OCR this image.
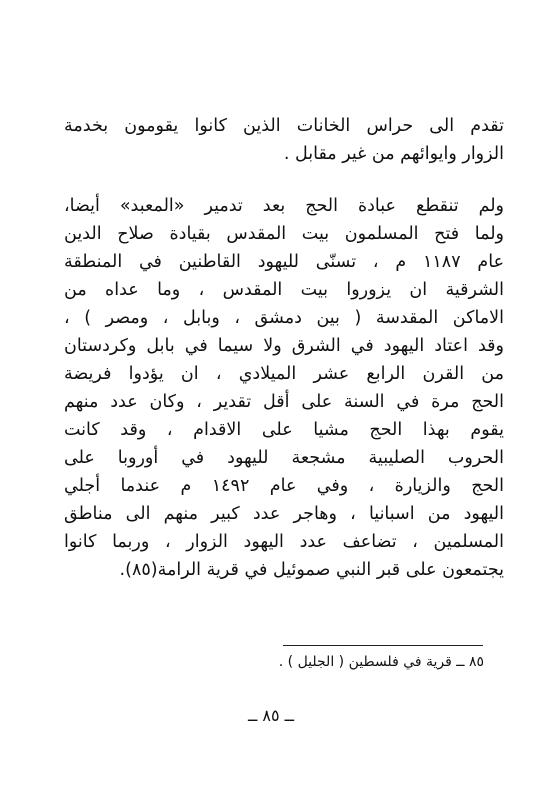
تقدم الى حراس الخانات الذين كانوا يقومون بخدمة
الزوار وايوائهم من غير مقابل .
ولم تنقطع عبادة الحج بعد تدمير «المعبد» أيضا،
ولما فتح المسلمون بيت المقدس بقيادة صلاح الدين
عام ١١٨٧ م ، تسنّى لليهود القاطنين في المنطقة
الشرقية ان يزوروا بيت المقدس ، وما عداه من
الاماكن المقدسة ( بين دمشق ، وبابل ، ومصر ) ،
وقد اعتاد اليهود في الشرق ولا سيما في بابل وكردستان
من القرن الرابع عشر الميلادي ، ان يؤدوا فريضة
الحج مرة في السنة على أقل تقدير ، وكان عدد منهم
يقوم بهذا الحج مشيا على الاقدام ، وقد كانت
الحروب الصليبية مشجعة لليهود في أوروبا على
الحج والزيارة ، وفي عام ١٤٩٢ م عندما أجلي
اليهود من اسبانيا ، وهاجر عدد كبير منهم الى مناطق
المسلمين ، تضاعف عدد اليهود الزوار ، وربما كانوا
يجتمعون على قبر النبي صموئيل في قرية الرامة(٨٥).
٨٥ ــ قرية في فلسطين ( الجليل ) .
ــ ٨٥ ــ
